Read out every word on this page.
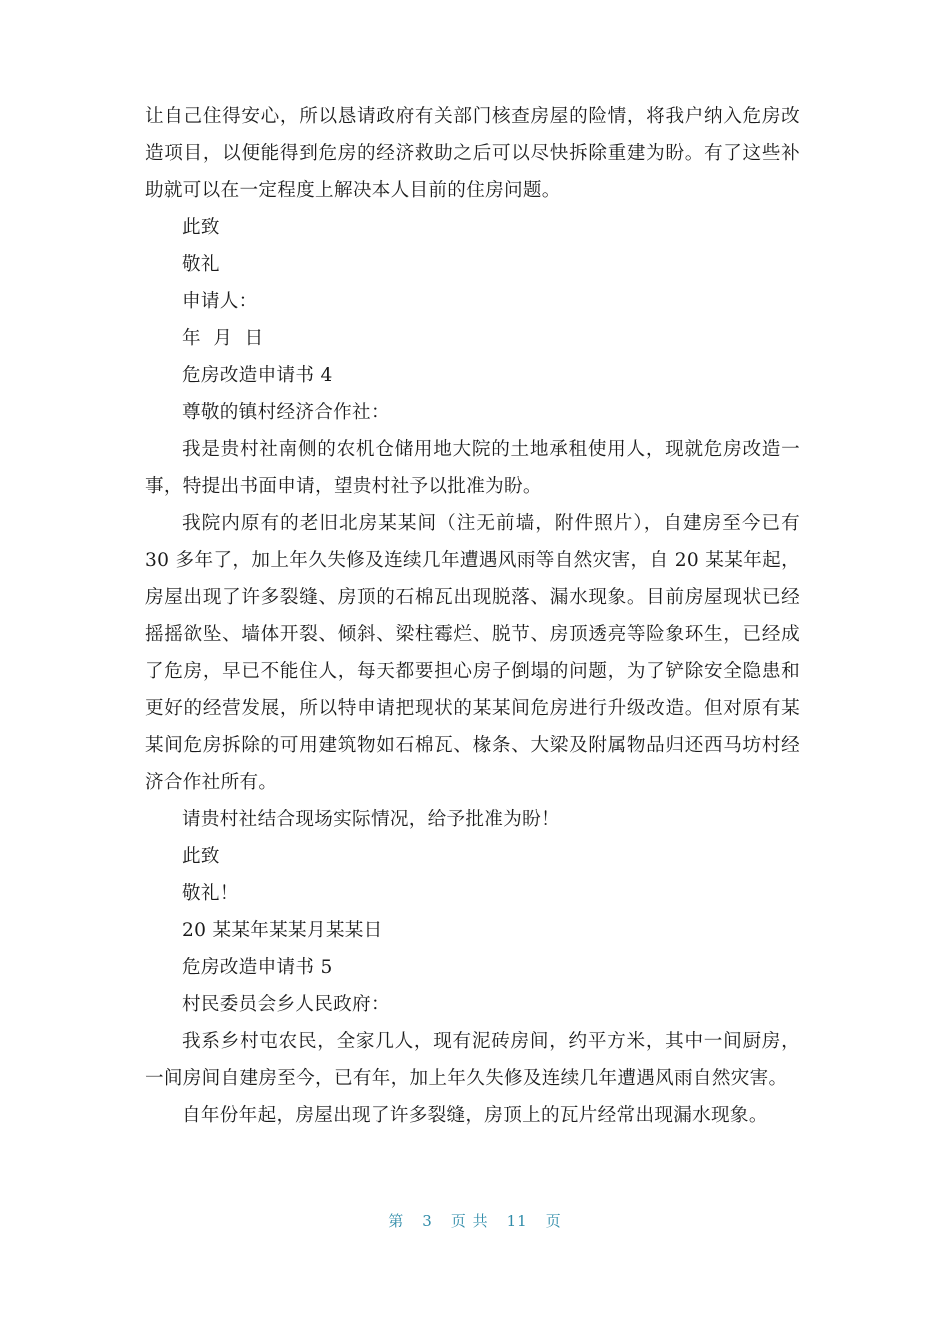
让自己住得安心，所以恳请政府有关部门核查房屋的险情，将我户纳入危房改造项目，以便能得到危房的经济救助之后可以尽快拆除重建为盼。有了这些补助就可以在一定程度上解决本人目前的住房问题。

此致

敬礼

申请人：

年  月  日

危房改造申请书 4

尊敬的镇村经济合作社：

我是贵村社南侧的农机仓储用地大院的土地承租使用人，现就危房改造一事，特提出书面申请，望贵村社予以批准为盼。

我院内原有的老旧北房某某间（注无前墙，附件照片），自建房至今已有30 多年了，加上年久失修及连续几年遭遇风雨等自然灾害，自 20 某某年起，房屋出现了许多裂缝、房顶的石棉瓦出现脱落、漏水现象。目前房屋现状已经摇摇欲坠、墙体开裂、倾斜、梁柱霉烂、脱节、房顶透亮等险象环生，已经成了危房，早已不能住人，每天都要担心房子倒塌的问题，为了铲除安全隐患和更好的经营发展，所以特申请把现状的某某间危房进行升级改造。但对原有某某间危房拆除的可用建筑物如石棉瓦、椽条、大梁及附属物品归还西马坊村经济合作社所有。

请贵村社结合现场实际情况，给予批准为盼！

此致

敬礼！

20 某某年某某月某某日

危房改造申请书 5

村民委员会乡人民政府：

我系乡村屯农民，全家几人，现有泥砖房间，约平方米，其中一间厨房，一间房间自建房至今，已有年，加上年久失修及连续几年遭遇风雨自然灾害。

自年份年起，房屋出现了许多裂缝，房顶上的瓦片经常出现漏水现象。

第 3 页 共 11 页
